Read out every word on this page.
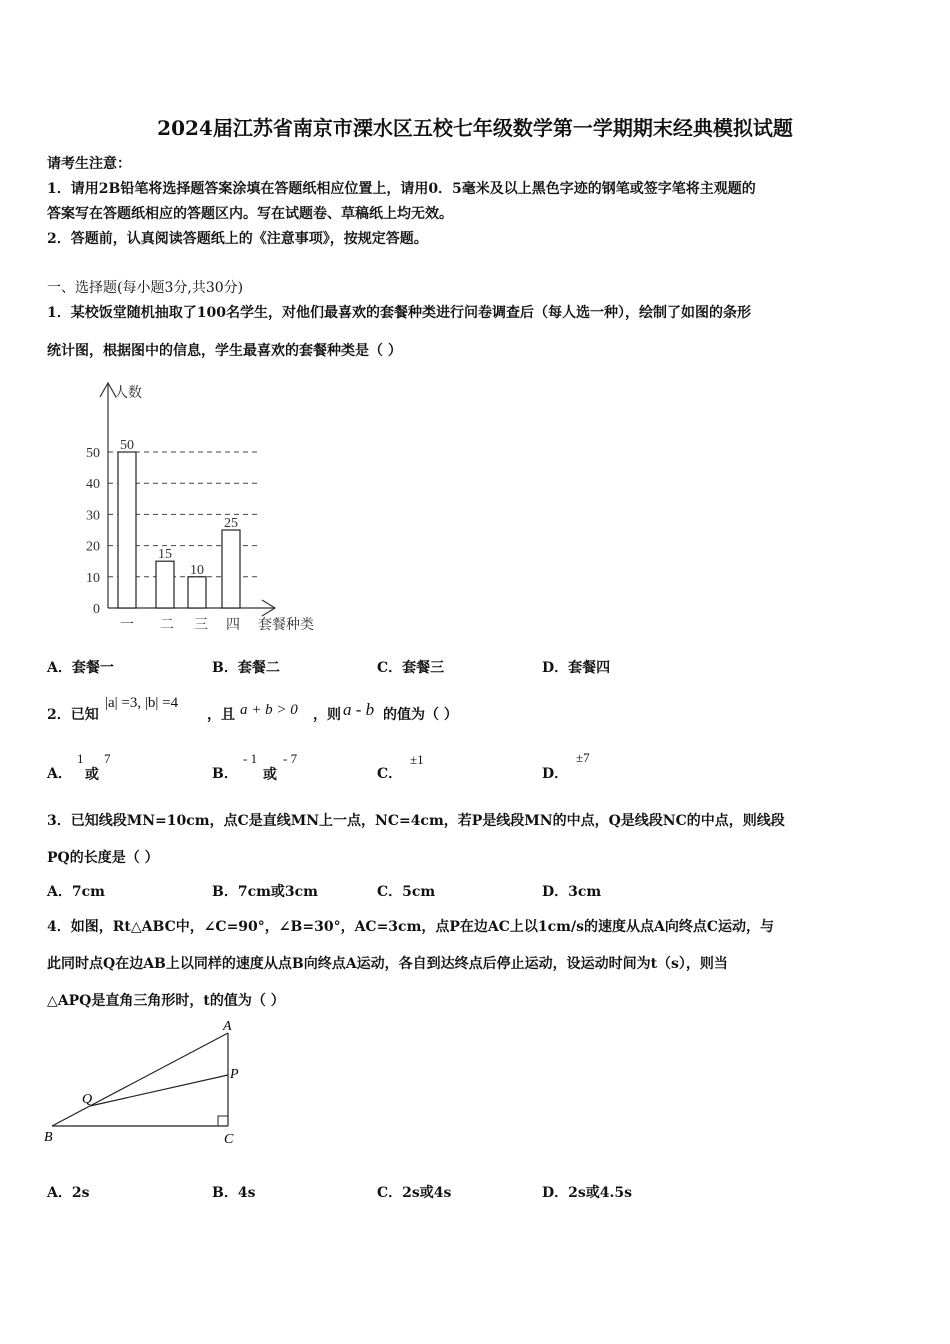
2024届江苏省南京市溧水区五校七年级数学第一学期期末经典模拟试题
请考生注意：
1．请用2B铅笔将选择题答案涂填在答题纸相应位置上，请用0．5毫米及以上黑色字迹的钢笔或签字笔将主观题的
答案写在答题纸相应的答题区内。写在试题卷、草稿纸上均无效。
2．答题前，认真阅读答题纸上的《注意事项》，按规定答题。
一、选择题(每小题3分,共30分)
1．某校饭堂随机抽取了100名学生，对他们最喜欢的套餐种类进行问卷调查后（每人选一种），绘制了如图的条形
统计图，根据图中的信息，学生最喜欢的套餐种类是（ ）
人数
套餐种类
0
10
20
30
40
50
50
一
15
二
10
三
25
四
A．套餐一	B．套餐二	C．套餐三	D．套餐四
2．已知
|a| =3, |b| =4
，且 a + b > 0 ，则 a - b 的值为（ ）
A．
1
或
7
B．
- 1
或
- 7
C．
±1
D．
±7
3．已知线段MN=10cm，点C是直线MN上一点，NC=4cm，若P是线段MN的中点，Q是线段NC的中点，则线段
PQ的长度是（ ）
A．7cm	B．7cm或3cm	C．5cm	D．3cm
4．如图，Rt△ABC中，∠C=90°，∠B=30°，AC=3cm，点P在边AC上以1cm/s的速度从点A向终点C运动，与
此同时点Q在边AB上以同样的速度从点B向终点A运动，各自到达终点后停止运动，设运动时间为t（s），则当
△APQ是直角三角形时，t的值为（ ）
A
P
Q
B	C
A．2s	B．4s	C．2s或4s	D．2s或4.5s
